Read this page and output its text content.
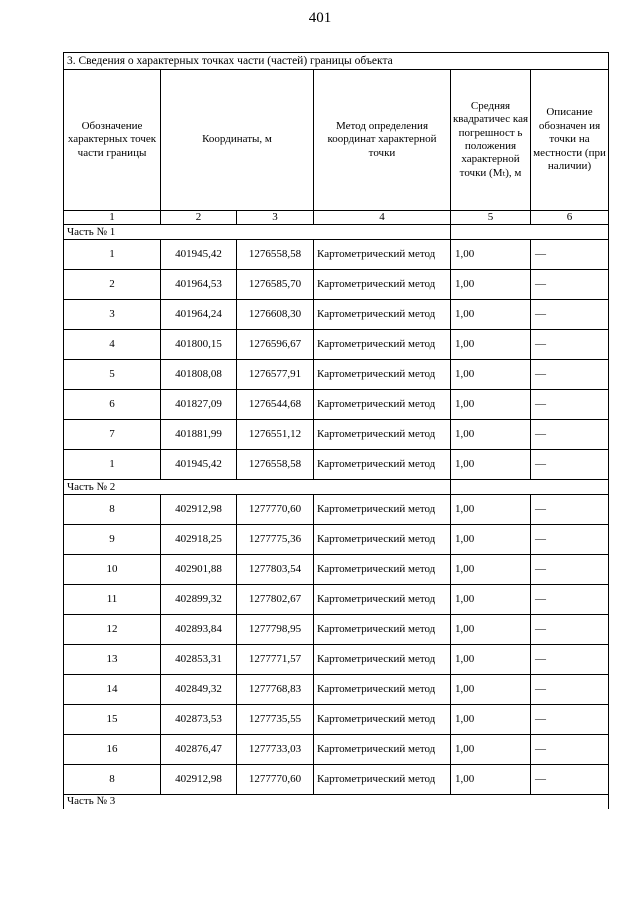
401
3. Сведения о характерных точках части (частей) границы объекта					
Обозначение характерных точек части границы	Координаты, м		Метод определения координат характерной точки	Средняя квадратичес кая погрешност ь положения характерной точки (Mₜ), м	Описание обозначен ия точки на местности (при наличии)
1	2	3	4	5	6
Часть № 1					
1	401945,42	1276558,58	Картометрический метод	1,00	—
2	401964,53	1276585,70	Картометрический метод	1,00	—
3	401964,24	1276608,30	Картометрический метод	1,00	—
4	401800,15	1276596,67	Картометрический метод	1,00	—
5	401808,08	1276577,91	Картометрический метод	1,00	—
6	401827,09	1276544,68	Картометрический метод	1,00	—
7	401881,99	1276551,12	Картометрический метод	1,00	—
1	401945,42	1276558,58	Картометрический метод	1,00	—
Часть № 2					
8	402912,98	1277770,60	Картометрический метод	1,00	—
9	402918,25	1277775,36	Картометрический метод	1,00	—
10	402901,88	1277803,54	Картометрический метод	1,00	—
11	402899,32	1277802,67	Картометрический метод	1,00	—
12	402893,84	1277798,95	Картометрический метод	1,00	—
13	402853,31	1277771,57	Картометрический метод	1,00	—
14	402849,32	1277768,83	Картометрический метод	1,00	—
15	402873,53	1277735,55	Картометрический метод	1,00	—
16	402876,47	1277733,03	Картометрический метод	1,00	—
8	402912,98	1277770,60	Картометрический метод	1,00	—
Часть № 3					
